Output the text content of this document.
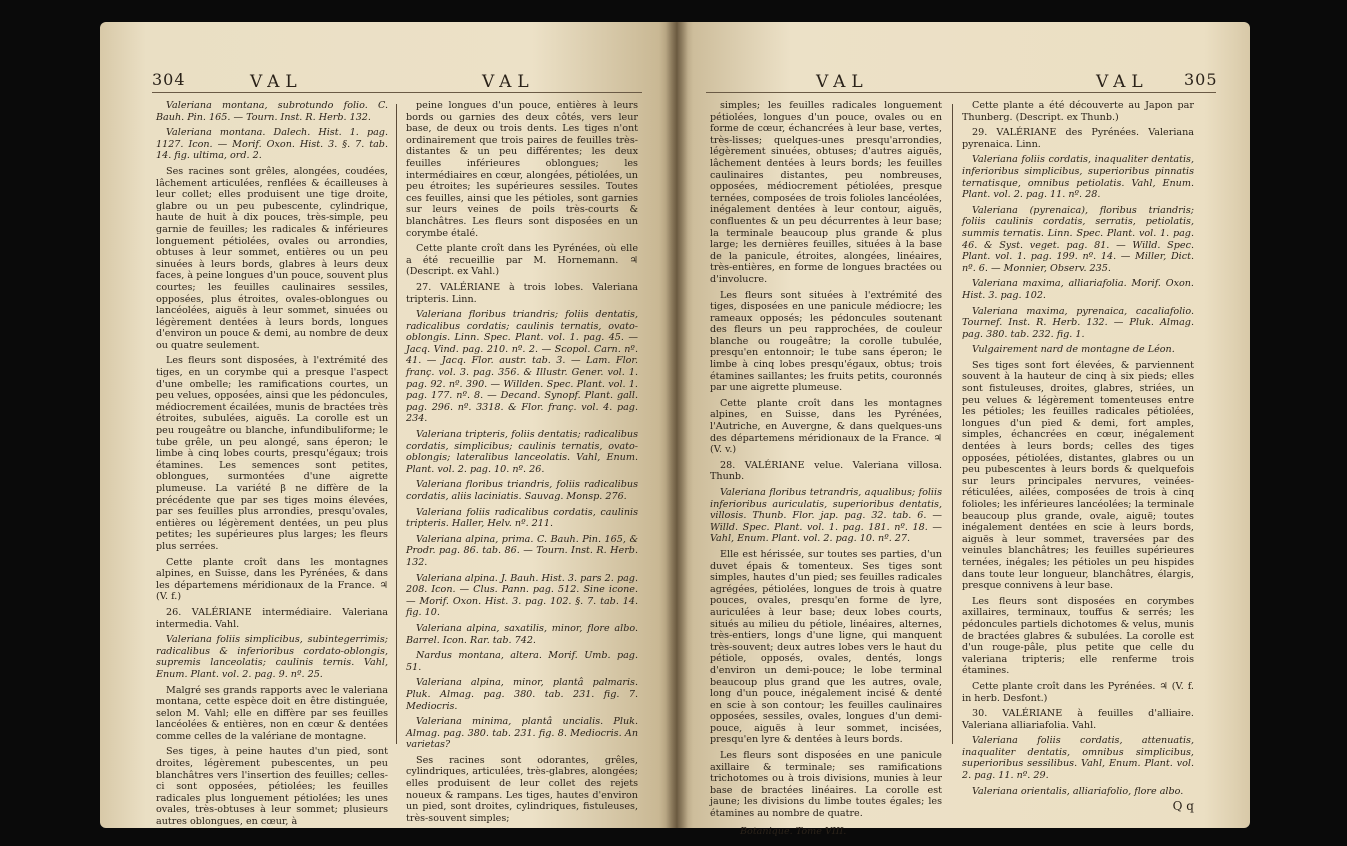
304	VAL	VAL

Valeriana montana, subrotundo folio. C. Bauh. Pin. 165. — Tourn. Inst. R. Herb. 132.

Valeriana montana. Dalech. Hist. 1. pag. 1127. Icon. — Morif. Oxon. Hist. 3. §. 7. tab. 14. fig. ultima, ord. 2.

Ses racines sont grêles, alongées, coudées, lâchement articulées, renflées & écailleuses à leur collet; elles produisent une tige droite, glabre ou un peu pubescente, cylindrique, haute de huit à dix pouces, très-simple, peu garnie de feuilles; les radicales & inférieures longuement pétiolées, ovales ou arrondies, obtuses à leur sommet, entières ou un peu sinuées à leurs bords, glabres à leurs deux faces, à peine longues d'un pouce, souvent plus courtes; les feuilles caulinaires sessiles, opposées, plus étroites, ovales-oblongues ou lancéolées, aiguës à leur sommet, sinuées ou légèrement dentées à leurs bords, longues d'environ un pouce & demi, au nombre de deux ou quatre seulement.

Les fleurs sont disposées, à l'extrémité des tiges, en un corymbe qui a presque l'aspect d'une ombelle; les ramifications courtes, un peu velues, opposées, ainsi que les pédoncules, médiocrement écailées, munis de bractées très étroites, subulées, aiguës. La corolle est un peu rougeâtre ou blanche, infundibuliforme; le tube grêle, un peu alongé, sans éperon; le limbe à cinq lobes courts, presqu'égaux; trois étamines. Les semences sont petites, oblongues, surmontées d'une aigrette plumeuse. La variété β ne diffère de la précédente que par ses tiges moins élevées, par ses feuilles plus arrondies, presqu'ovales, entières ou légèrement dentées, un peu plus petites; les supérieures plus larges; les fleurs plus serrées.

Cette plante croît dans les montagnes alpines, en Suisse, dans les Pyrénées, & dans les départemens méridionaux de la France. ♃ (V. f.)

26. VALÉRIANE intermédiaire. Valeriana intermedia. Vahl.

Valeriana foliis simplicibus, subintegerrimis; radicalibus & inferioribus cordato-oblongis, supremis lanceolatis; caulinis ternis. Vahl, Enum. Plant. vol. 2. pag. 9. nº. 25.

Malgré ses grands rapports avec le valeriana montana, cette espèce doit en être distinguée, selon M. Vahl; elle en diffère par ses feuilles lancéolées & entières, non en cœur & dentées comme celles de la valériane de montagne.

Ses tiges, à peine hautes d'un pied, sont droites, légèrement pubescentes, un peu blanchâtres vers l'insertion des feuilles; celles-ci sont opposées, pétiolées; les feuilles radicales plus longuement pétiolées; les unes ovales, très-obtuses à leur sommet; plusieurs autres oblongues, en cœur, à

peine longues d'un pouce, entières à leurs bords ou garnies des deux côtés, vers leur base, de deux ou trois dents. Les tiges n'ont ordinairement que trois paires de feuilles très-distantes & un peu différentes; les deux feuilles inférieures oblongues; les intermédiaires en cœur, alongées, pétiolées, un peu étroites; les supérieures sessiles. Toutes ces feuilles, ainsi que les pétioles, sont garnies sur leurs veines de poils très-courts & blanchâtres. Les fleurs sont disposées en un corymbe étalé.

Cette plante croît dans les Pyrénées, où elle a été recueillie par M. Hornemann. ♃ (Descript. ex Vahl.)

27. VALÉRIANE à trois lobes. Valeriana tripteris. Linn.

Valeriana floribus triandris; foliis dentatis, radicalibus cordatis; caulinis ternatis, ovato-oblongis. Linn. Spec. Plant. vol. 1. pag. 45. — Jacq. Vind. pag. 210. nº. 2. — Scopol. Carn. nº. 41. — Jacq. Flor. austr. tab. 3. — Lam. Flor. franç. vol. 3. pag. 356. & Illustr. Gener. vol. 1. pag. 92. nº. 390. — Willden. Spec. Plant. vol. 1. pag. 177. nº. 8. — Decand. Synopf. Plant. gall. pag. 296. nº. 3318. & Flor. franç. vol. 4. pag. 234.

Valeriana tripteris, foliis dentatis; radicalibus cordatis, simplicibus; caulinis ternatis, ovato-oblongis; lateralibus lanceolatis. Vahl, Enum. Plant. vol. 2. pag. 10. nº. 26.

Valeriana floribus triandris, foliis radicalibus cordatis, aliis laciniatis. Sauvag. Monsp. 276.

Valeriana foliis radicalibus cordatis, caulinis tripteris. Haller, Helv. nº. 211.

Valeriana alpina, prima. C. Bauh. Pin. 165, & Prodr. pag. 86. tab. 86. — Tourn. Inst. R. Herb. 132.

Valeriana alpina. J. Bauh. Hist. 3. pars 2. pag. 208. Icon. — Clus. Pann. pag. 512. Sine icone. — Morif. Oxon. Hist. 3. pag. 102. §. 7. tab. 14. fig. 10.

Valeriana alpina, saxatilis, minor, flore albo. Barrel. Icon. Rar. tab. 742.

Nardus montana, altera. Morif. Umb. pag. 51.

Valeriana alpina, minor, plantâ palmaris. Pluk. Almag. pag. 380. tab. 231. fig. 7. Mediocris.

Valeriana minima, plantâ uncialis. Pluk. Almag. pag. 380. tab. 231. fig. 8. Mediocris. An varietas?

Ses racines sont odorantes, grêles, cylindriques, articulées, très-glabres, alongées; elles produisent de leur collet des rejets noueux & rampans. Les tiges, hautes d'environ un pied, sont droites, cylindriques, fistuleuses, très-souvent simples;

VAL	VAL 305

simples; les feuilles radicales longuement pétiolées, longues d'un pouce, ovales ou en forme de cœur, échancrées à leur base, vertes, très-lisses; quelques-unes presqu'arrondies, légèrement sinuées, obtuses; d'autres aiguës, lâchement dentées à leurs bords; les feuilles caulinaires distantes, peu nombreuses, opposées, médiocrement pétiolées, presque ternées, composées de trois folioles lancéolées, inégalement dentées à leur contour, aiguës, confluentes & un peu décurrentes à leur base; la terminale beaucoup plus grande & plus large; les dernières feuilles, situées à la base de la panicule, étroites, alongées, linéaires, très-entières, en forme de longues bractées ou d'involucre.

Les fleurs sont situées à l'extrémité des tiges, disposées en une panicule médiocre; les rameaux opposés; les pédoncules soutenant des fleurs un peu rapprochées, de couleur blanche ou rougeâtre; la corolle tubulée, presqu'en entonnoir; le tube sans éperon; le limbe à cinq lobes presqu'égaux, obtus; trois étamines saillantes; les fruits petits, couronnés par une aigrette plumeuse.

Cette plante croît dans les montagnes alpines, en Suisse, dans les Pyrénées, l'Autriche, en Auvergne, & dans quelques-uns des départemens méridionaux de la France. ♃ (V. v.)

28. VALÉRIANE velue. Valeriana villosa. Thunb.

Valeriana floribus tetrandris, aqualibus; foliis inferioribus auriculatis, superioribus dentatis, villosis. Thunb. Flor. jap. pag. 32. tab. 6. — Willd. Spec. Plant. vol. 1. pag. 181. nº. 18. — Vahl, Enum. Plant. vol. 2. pag. 10. nº. 27.

Elle est hérissée, sur toutes ses parties, d'un duvet épais & tomenteux. Ses tiges sont simples, hautes d'un pied; ses feuilles radicales agrégées, pétiolées, longues de trois à quatre pouces, ovales, presqu'en forme de lyre, auriculées à leur base; deux lobes courts, situés au milieu du pétiole, linéaires, alternes, très-entiers, longs d'une ligne, qui manquent très-souvent; deux autres lobes vers le haut du pétiole, opposés, ovales, dentés, longs d'environ un demi-pouce; le lobe terminal beaucoup plus grand que les autres, ovale, long d'un pouce, inégalement incisé & denté en scie à son contour; les feuilles caulinaires opposées, sessiles, ovales, longues d'un demi-pouce, aiguës à leur sommet, incisées, presqu'en lyre & dentées à leurs bords.

Les fleurs sont disposées en une panicule axillaire & terminale; ses ramifications trichotomes ou à trois divisions, munies à leur base de bractées linéaires. La corolle est jaune; les divisions du limbe toutes égales; les étamines au nombre de quatre.

Botanique. Tome VIII.

Cette plante a été découverte au Japon par Thunberg. (Descript. ex Thunb.)

29. VALÉRIANE des Pyrénées. Valeriana pyrenaica. Linn.

Valeriana foliis cordatis, inaqualiter dentatis, inferioribus simplicibus, superioribus pinnatis ternatisque, omnibus petiolatis. Vahl, Enum. Plant. vol. 2. pag. 11. nº. 28.

Valeriana (pyrenaica), floribus triandris; foliis caulinis cordatis, serratis, petiolatis, summis ternatis. Linn. Spec. Plant. vol. 1. pag. 46. & Syst. veget. pag. 81. — Willd. Spec. Plant. vol. 1. pag. 199. nº. 14. — Miller, Dict. nº. 6. — Monnier, Observ. 235.

Valeriana maxima, alliariafolia. Morif. Oxon. Hist. 3. pag. 102.

Valeriana maxima, pyrenaica, cacaliafolio. Tournef. Inst. R. Herb. 132. — Pluk. Almag. pag. 380. tab. 232. fig. 1.

Vulgairement nard de montagne de Léon.

Ses tiges sont fort élevées, & parviennent souvent à la hauteur de cinq à six pieds; elles sont fistuleuses, droites, glabres, striées, un peu velues & légèrement tomenteuses entre les pétioles; les feuilles radicales pétiolées, longues d'un pied & demi, fort amples, simples, échancrées en cœur, inégalement dentées à leurs bords; celles des tiges opposées, pétiolées, distantes, glabres ou un peu pubescentes à leurs bords & quelquefois sur leurs principales nervures, veinées-réticulées, ailées, composées de trois à cinq folioles; les inférieures lancéolées; la terminale beaucoup plus grande, ovale, aiguë; toutes inégalement dentées en scie à leurs bords, aiguës à leur sommet, traversées par des veinules blanchâtres; les feuilles supérieures ternées, inégales; les pétioles un peu hispides dans toute leur longueur, blanchâtres, élargis, presque connivens à leur base.

Les fleurs sont disposées en corymbes axillaires, terminaux, touffus & serrés; les pédoncules partiels dichotomes & velus, munis de bractées glabres & subulées. La corolle est d'un rouge-pâle, plus petite que celle du valeriana tripteris; elle renferme trois étamines.

Cette plante croît dans les Pyrénées. ♃ (V. f. in herb. Desfont.)

30. VALÉRIANE à feuilles d'alliaire. Valeriana alliariafolia. Vahl.

Valeriana foliis cordatis, attenuatis, inaqualiter dentatis, omnibus simplicibus, superioribus sessilibus. Vahl, Enum. Plant. vol. 2. pag. 11. nº. 29.

Valeriana orientalis, alliariafolio, flore albo.

Q q
